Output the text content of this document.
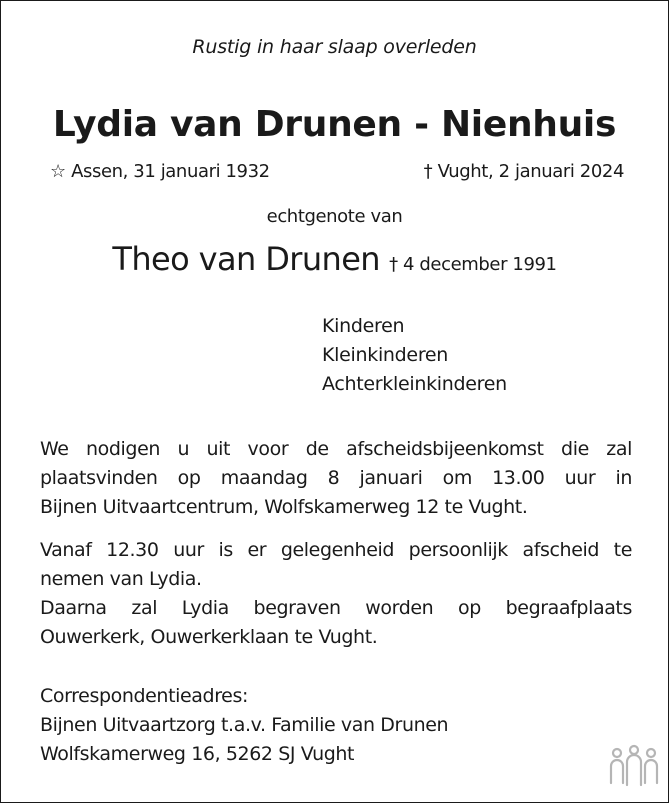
Rustig in haar slaap overleden
Lydia van Drunen - Nienhuis
☆ Assen, 31 januari 1932	† Vught, 2 januari 2024
echtgenote van
Theo van Drunen † 4 december 1991
Kinderen
Kleinkinderen
Achterkleinkinderen
We nodigen u uit voor de afscheidsbijeenkomst die zal
plaatsvinden op maandag 8 januari om 13.00 uur in
Bijnen Uitvaartcentrum, Wolfskamerweg 12 te Vught.
Vanaf 12.30 uur is er gelegenheid persoonlijk afscheid te
nemen van Lydia.
Daarna zal Lydia begraven worden op begraafplaats
Ouwerkerk, Ouwerkerklaan te Vught.
Correspondentieadres:
Bijnen Uitvaartzorg t.a.v. Familie van Drunen
Wolfskamerweg 16, 5262 SJ Vught
